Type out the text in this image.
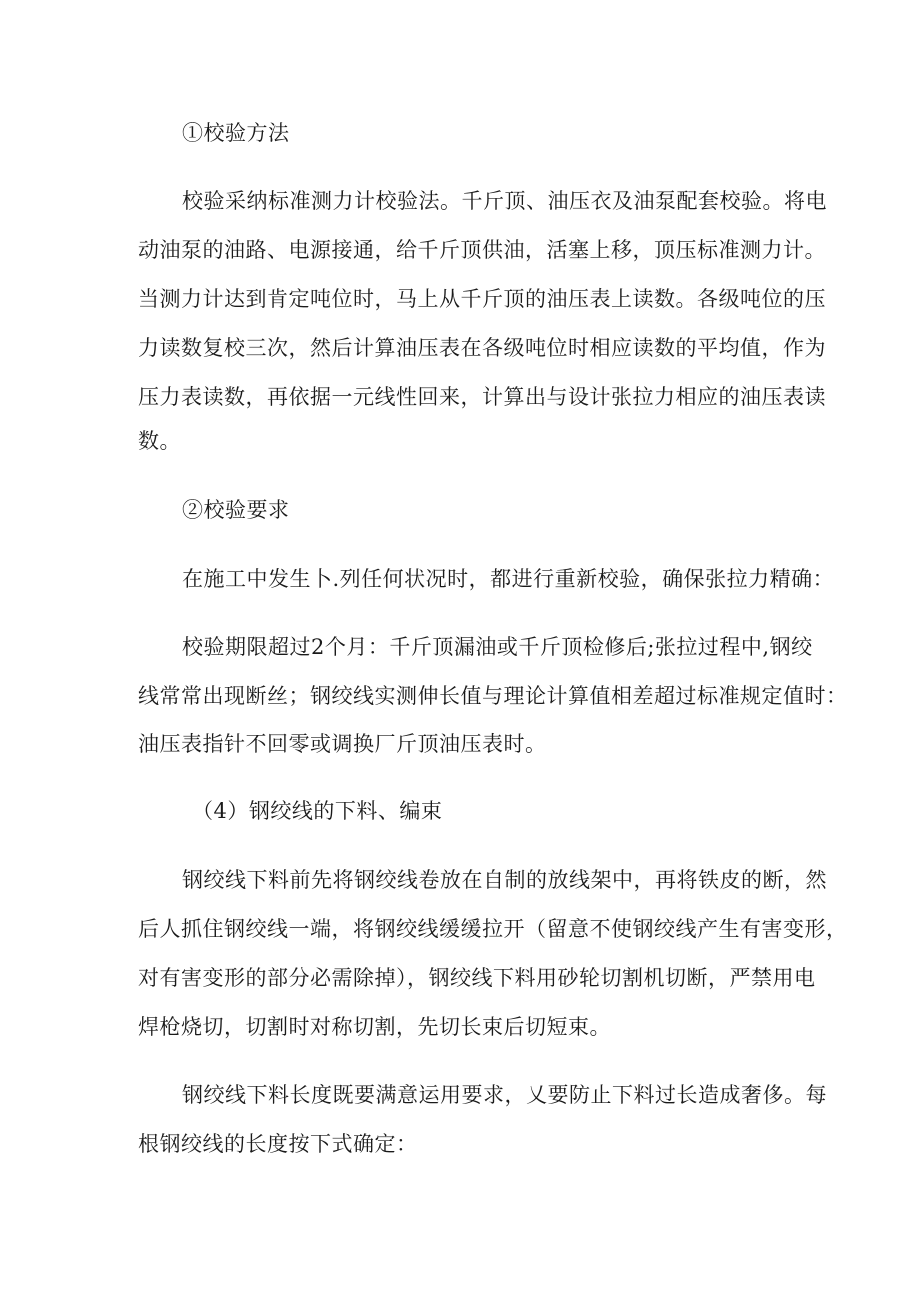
①校验方法
校验采纳标准测力计校验法。千斤顶、油压衣及油泵配套校验。将电
动油泵的油路、电源接通，给千斤顶供油，活塞上移，顶压标准测力计。
当测力计达到肯定吨位时，马上从千斤顶的油压表上读数。各级吨位的压
力读数复校三次，然后计算油压表在各级吨位时相应读数的平均值，作为
压力表读数，再依据一元线性回来，计算出与设计张拉力相应的油压表读
数。
②校验要求
在施工中发生卜.列任何状况时，都进行重新校验，确保张拉力精确：
校验期限超过2个月：千斤顶漏油或千斤顶检修后;张拉过程中,钢绞
线常常出现断丝；钢绞线实测伸长值与理论计算值相差超过标准规定值时：
油压表指针不回零或调换厂斤顶油压表时。
（4）钢绞线的下料、编束
钢绞线下料前先将钢绞线卷放在自制的放线架中，再将铁皮的断，然
后人抓住钢绞线一端，将钢绞线缓缓拉开（留意不使钢绞线产生有害变形，
对有害变形的部分必需除掉），钢绞线下料用砂轮切割机切断，严禁用电
焊枪烧切，切割时对称切割，先切长束后切短束。
钢绞线下料长度既要满意运用要求，乂要防止下料过长造成奢侈。每
根钢绞线的长度按下式确定：
